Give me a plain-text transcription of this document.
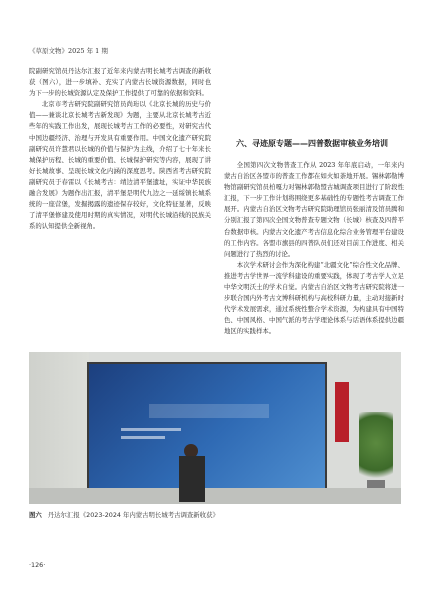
《草原文物》2025 年 1 期

院副研究馆员丹达尔汇报了近年来内蒙古明长城考古调查的新收获（图六），进一步填补、充实了内蒙古长城资源数据，同时也为下一步的长城资源认定及保护工作提供了可靠的依据和资料。

北京市考古研究院副研究馆员尚珩以《北京长城的历史与价值——兼谈北京长城考古新发现》为题，主要从北京长城考古近些年的实践工作出发，展现长城考古工作的必要性，对研究古代中国边疆经济、治理与开发具有重要作用。中国文化遗产研究院副研究员许慧君以长城的价值与保护为主线，介绍了七十年来长城保护历程、长城的重要价值、长城保护研究等内容，展现了讲好长城故事、呈现长城文化内涵的深度思考。陕西省考古研究院副研究员于春雷以《长城考古：靖边清平堡遗址，实证中华民族融合发展》为题作出汇报，清平堡是明代九边之一延绥镇长城系统的一座营堡，发掘揭露的遗迹保存较好，文化特征显著，反映了清平堡修建及使用时期的真实情况，对明代长城沿线的民族关系的认知提供全新视角。

六、寻迹原专题——四普数据审核业务培训

全国第四次文物普查工作从 2023 年年底启动，一年来内蒙古自治区各盟市的普查工作都在如火如荼地开展。锡林郭勒博物馆副研究馆员柏嘎力对锡林郭勒盟古城调查项目进行了阶段性汇报，下一步工作计划将围绕更多基础性的专题性考古调查工作展开。内蒙古自治区文物考古研究院助理馆员张丽清及馆员腾和分别汇报了第四次全国文物普查专题文物（长城）核查及四普平台数据审核。内蒙古文化遗产考古信息化综合业务管理平台建设的工作内容。各盟市旗县的四普队员们还对目前工作进度、相关问题进行了热烈的讨论。

本次学术研讨会作为深化构建“北疆文化”综合性文化品牌、推进考古学世界一流学科建设的重要实践，体现了考古学人立足中华文明沃土的学术自觉。内蒙古自治区文物考古研究院将进一步联合国内外考古文博科研机构与高校科研力量，主动对接新时代学术发展需求，通过系统性整合学术资源，为构建具有中国特色、中国风格、中国气派的考古学理论体系与话语体系提供边疆地区的实践样本。

图六 丹达尔汇报《2023-2024 年内蒙古明长城考古调查新收获》
·126·
